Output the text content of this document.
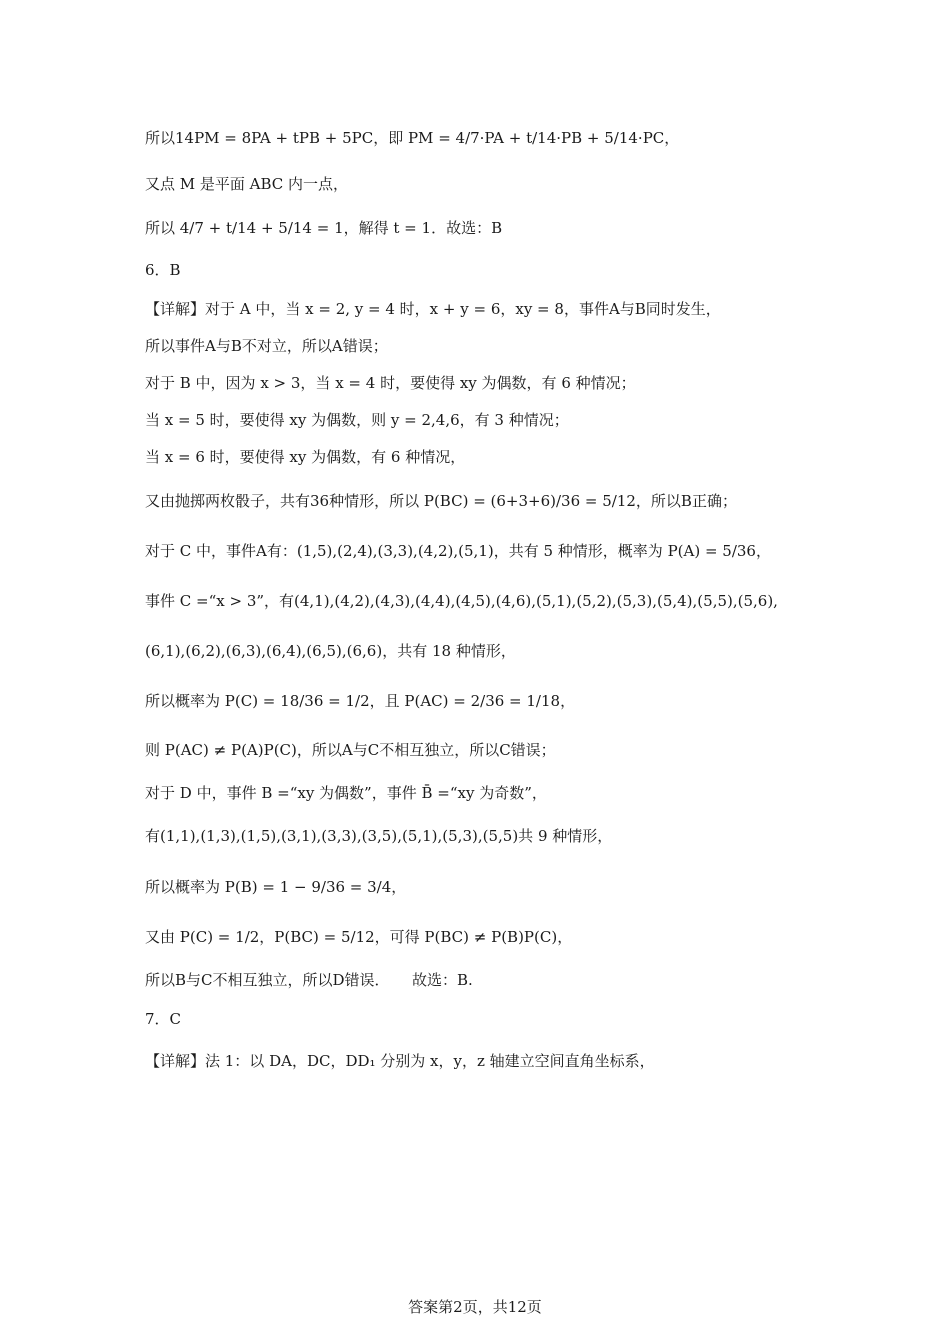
所以14PM = 8PA + tPB + 5PC，即 PM = 4/7·PA + t/14·PB + 5/14·PC，
又点 M 是平面 ABC 内一点，
所以 4/7 + t/14 + 5/14 = 1，解得 t = 1．故选：B
6．B
【详解】对于 A 中，当 x = 2, y = 4 时，x + y = 6，xy = 8，事件A与B同时发生，
所以事件A与B不对立，所以A错误；
对于 B 中，因为 x > 3，当 x = 4 时，要使得 xy 为偶数，有 6 种情况；
当 x = 5 时，要使得 xy 为偶数，则 y = 2,4,6，有 3 种情况；
当 x = 6 时，要使得 xy 为偶数，有 6 种情况，
又由抛掷两枚骰子，共有36种情形，所以 P(BC) = (6+3+6)/36 = 5/12，所以B正确；
对于 C 中，事件A有：(1,5),(2,4),(3,3),(4,2),(5,1)，共有 5 种情形，概率为 P(A) = 5/36，
事件 C =“x > 3”，有(4,1),(4,2),(4,3),(4,4),(4,5),(4,6),(5,1),(5,2),(5,3),(5,4),(5,5),(5,6),
(6,1),(6,2),(6,3),(6,4),(6,5),(6,6)，共有 18 种情形，
所以概率为 P(C) = 18/36 = 1/2，且 P(AC) = 2/36 = 1/18，
则 P(AC) ≠ P(A)P(C)，所以A与C不相互独立，所以C错误；
对于 D 中，事件 B =“xy 为偶数”，事件 B̄ =“xy 为奇数”，
有(1,1),(1,3),(1,5),(3,1),(3,3),(3,5),(5,1),(5,3),(5,5)共 9 种情形，
所以概率为 P(B) = 1 − 9/36 = 3/4，
又由 P(C) = 1/2，P(BC) = 5/12，可得 P(BC) ≠ P(B)P(C)，
所以B与C不相互独立，所以D错误．　　故选：B.
7．C
【详解】法 1：以 DA，DC，DD₁ 分别为 x，y，z 轴建立空间直角坐标系，
答案第2页，共12页
